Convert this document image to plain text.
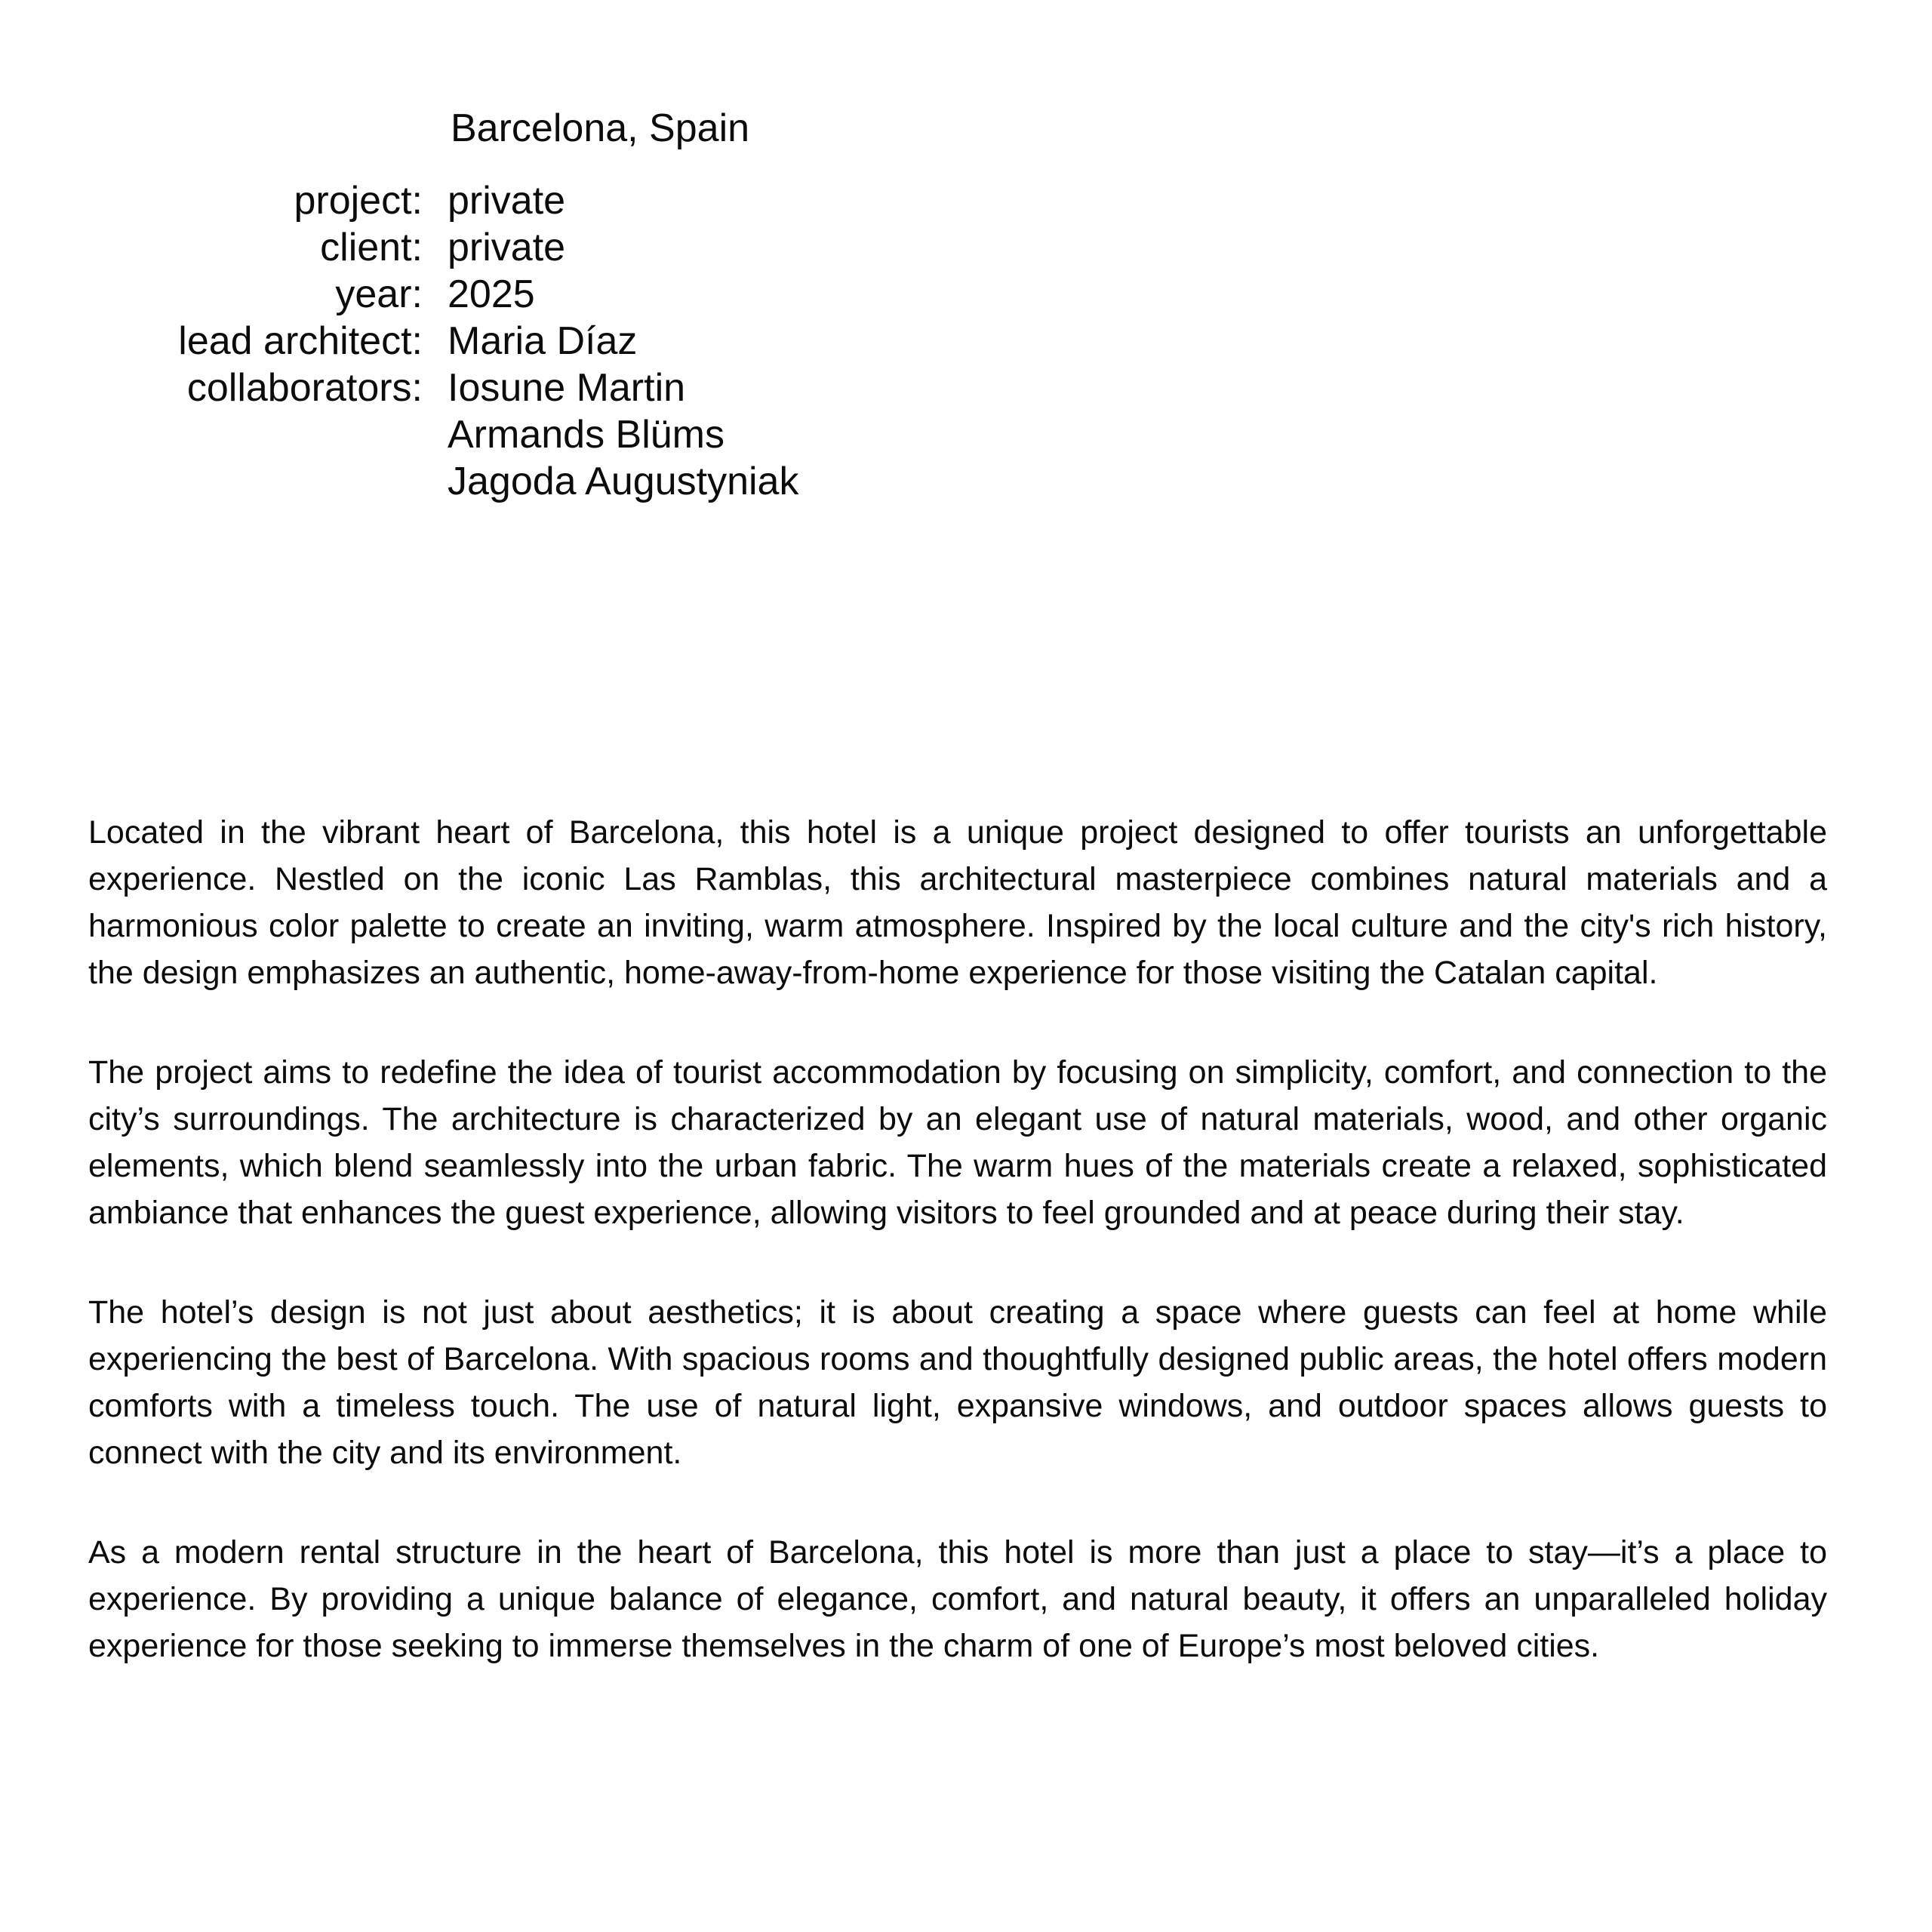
Barcelona, Spain
project: private
client: private
year: 2025
lead architect: Maria Díaz
collaborators: Iosune Martin
Armands Blüms
Jagoda Augustyniak

Located in the vibrant heart of Barcelona, this hotel is a unique project designed to offer tourists an unforgettable experience. Nestled on the iconic Las Ramblas, this architectural masterpiece combines natural materials and a harmonious color palette to create an inviting, warm atmosphere. Inspired by the local culture and the city's rich history, the design emphasizes an authentic, home-away-from-home experience for those visiting the Catalan capital.

The project aims to redefine the idea of tourist accommodation by focusing on simplicity, comfort, and connection to the city’s surroundings. The architecture is characterized by an elegant use of natural materials, wood, and other organic elements, which blend seamlessly into the urban fabric. The warm hues of the materials create a relaxed, sophisticated ambiance that enhances the guest experience, allowing visitors to feel grounded and at peace during their stay.

The hotel’s design is not just about aesthetics; it is about creating a space where guests can feel at home while experiencing the best of Barcelona. With spacious rooms and thoughtfully designed public areas, the hotel offers modern comforts with a timeless touch. The use of natural light, expansive windows, and outdoor spaces allows guests to connect with the city and its environment.

As a modern rental structure in the heart of Barcelona, this hotel is more than just a place to stay—it’s a place to experience. By providing a unique balance of elegance, comfort, and natural beauty, it offers an unparalleled holiday experience for those seeking to immerse themselves in the charm of one of Europe’s most beloved cities.
